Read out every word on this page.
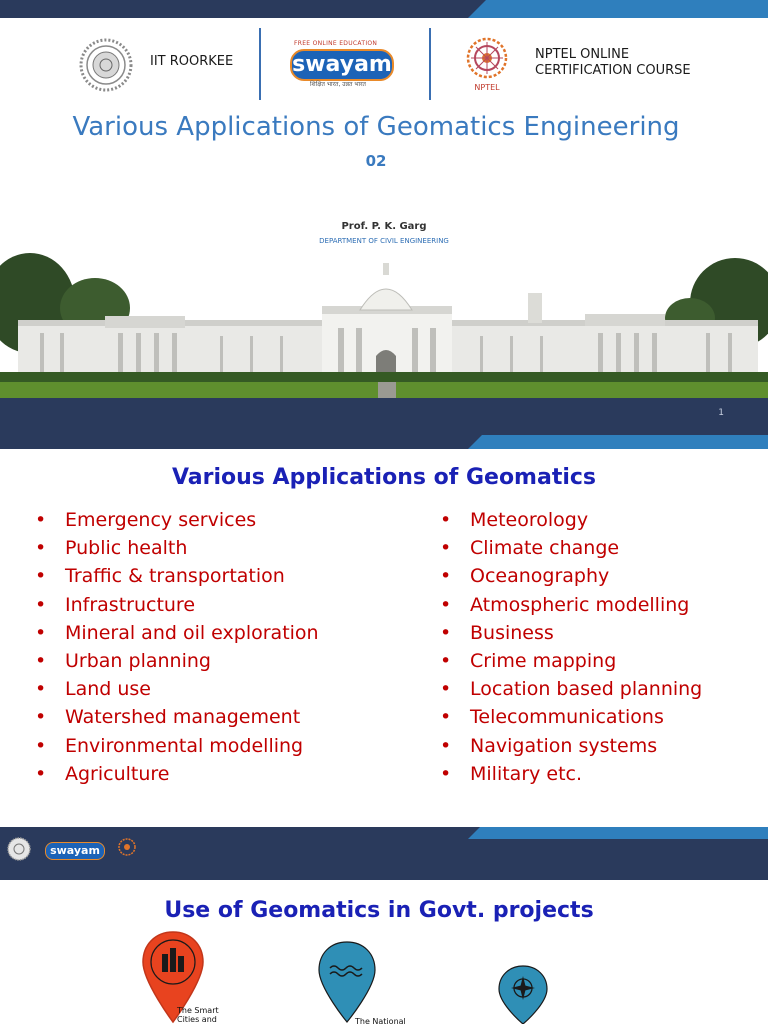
IIT ROORKEE
FREE ONLINE EDUCATION
swayam
शिक्षित भारत, उन्नत भारत	NPTEL
NPTEL ONLINE
CERTIFICATION COURSE
Various Applications of Geomatics Engineering
02
Prof. P. K. Garg
DEPARTMENT OF CIVIL ENGINEERING
1
Various Applications of Geomatics
• Emergency services
• Public health
• Traffic & transportation
• Infrastructure
• Mineral and oil exploration
• Urban planning
• Land use
• Watershed management
• Environmental modelling
• Agriculture
• Meteorology
• Climate change
• Oceanography
• Atmospheric modelling
• Business
• Crime mapping
• Location based planning
• Telecommunications
• Navigation systems
• Military etc.
swayam
Use of Geomatics in Govt. projects
The Smart
Cities and	The National
